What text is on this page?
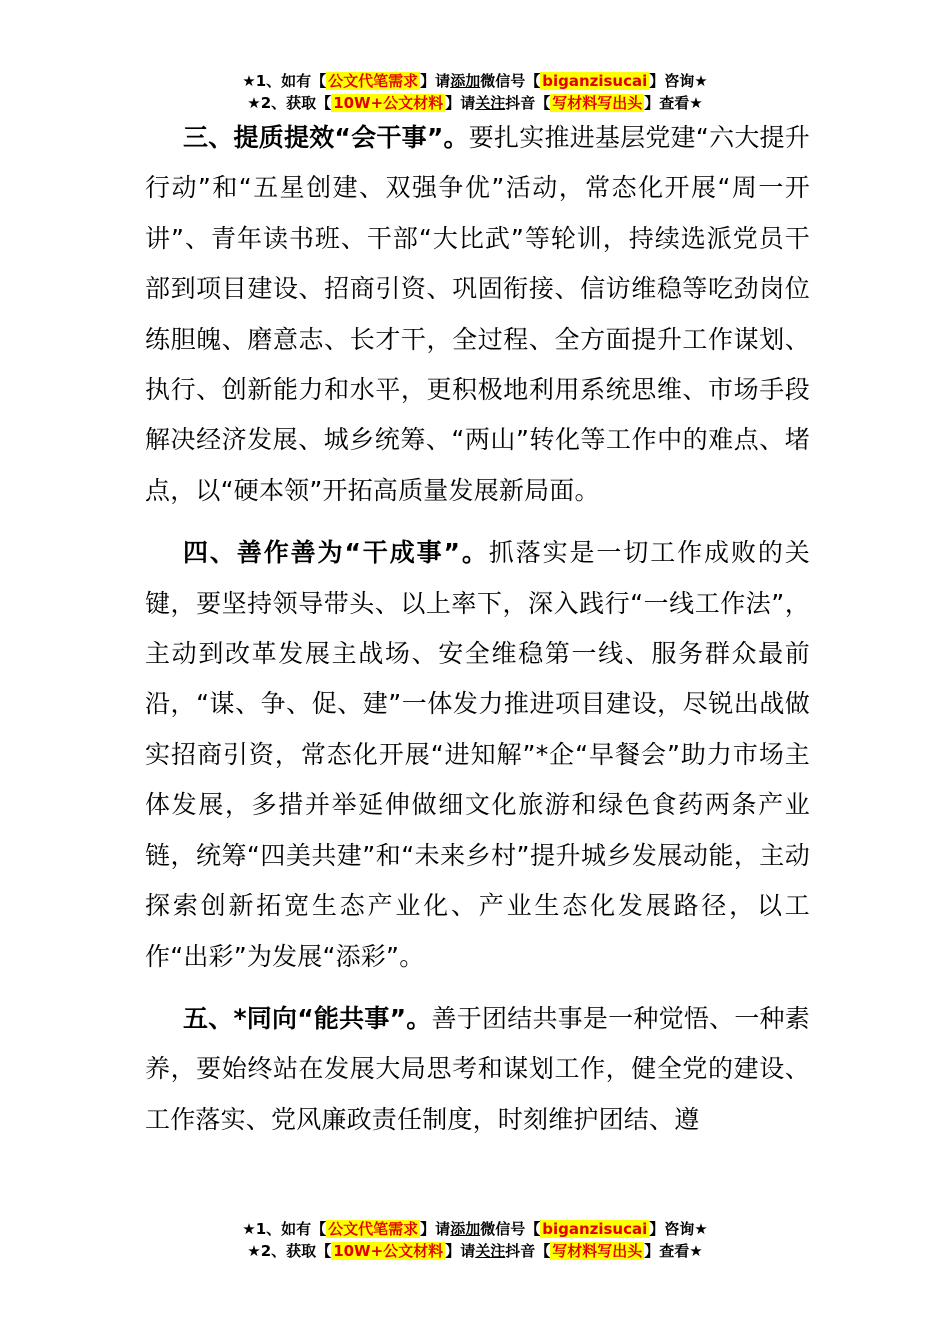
★1、如有【 公文代笔需求 】请添加微信号【 biganzisucai 】咨询★
★2、获取【 10W+公文材料 】请关注抖音【 写材料写出头 】查看★

三、提质提效“会干事”。要扎实推进基层党建“六大提升行动”和“五星创建、双强争优”活动，常态化开展“周一开讲”、青年读书班、干部“大比武”等轮训，持续选派党员干部到项目建设、招商引资、巩固衔接、信访维稳等吃劲岗位练胆魄、磨意志、长才干，全过程、全方面提升工作谋划、执行、创新能力和水平，更积极地利用系统思维、市场手段解决经济发展、城乡统筹、“两山”转化等工作中的难点、堵点，以“硬本领”开拓高质量发展新局面。

四、善作善为“干成事”。抓落实是一切工作成败的关键，要坚持领导带头、以上率下，深入践行“一线工作法”，主动到改革发展主战场、安全维稳第一线、服务群众最前沿，“谋、争、促、建”一体发力推进项目建设，尽锐出战做实招商引资，常态化开展“进知解”*企“早餐会”助力市场主体发展，多措并举延伸做细文化旅游和绿色食药两条产业链，统筹“四美共建”和“未来乡村”提升城乡发展动能，主动探索创新拓宽生态产业化、产业生态化发展路径，以工作“出彩”为发展“添彩”。

五、*同向“能共事”。善于团结共事是一种觉悟、一种素养，要始终站在发展大局思考和谋划工作，健全党的建设、工作落实、党风廉政责任制度，时刻维护团结、遵

★1、如有【 公文代笔需求 】请添加微信号【 biganzisucai 】咨询★
★2、获取【 10W+公文材料 】请关注抖音【 写材料写出头 】查看★
